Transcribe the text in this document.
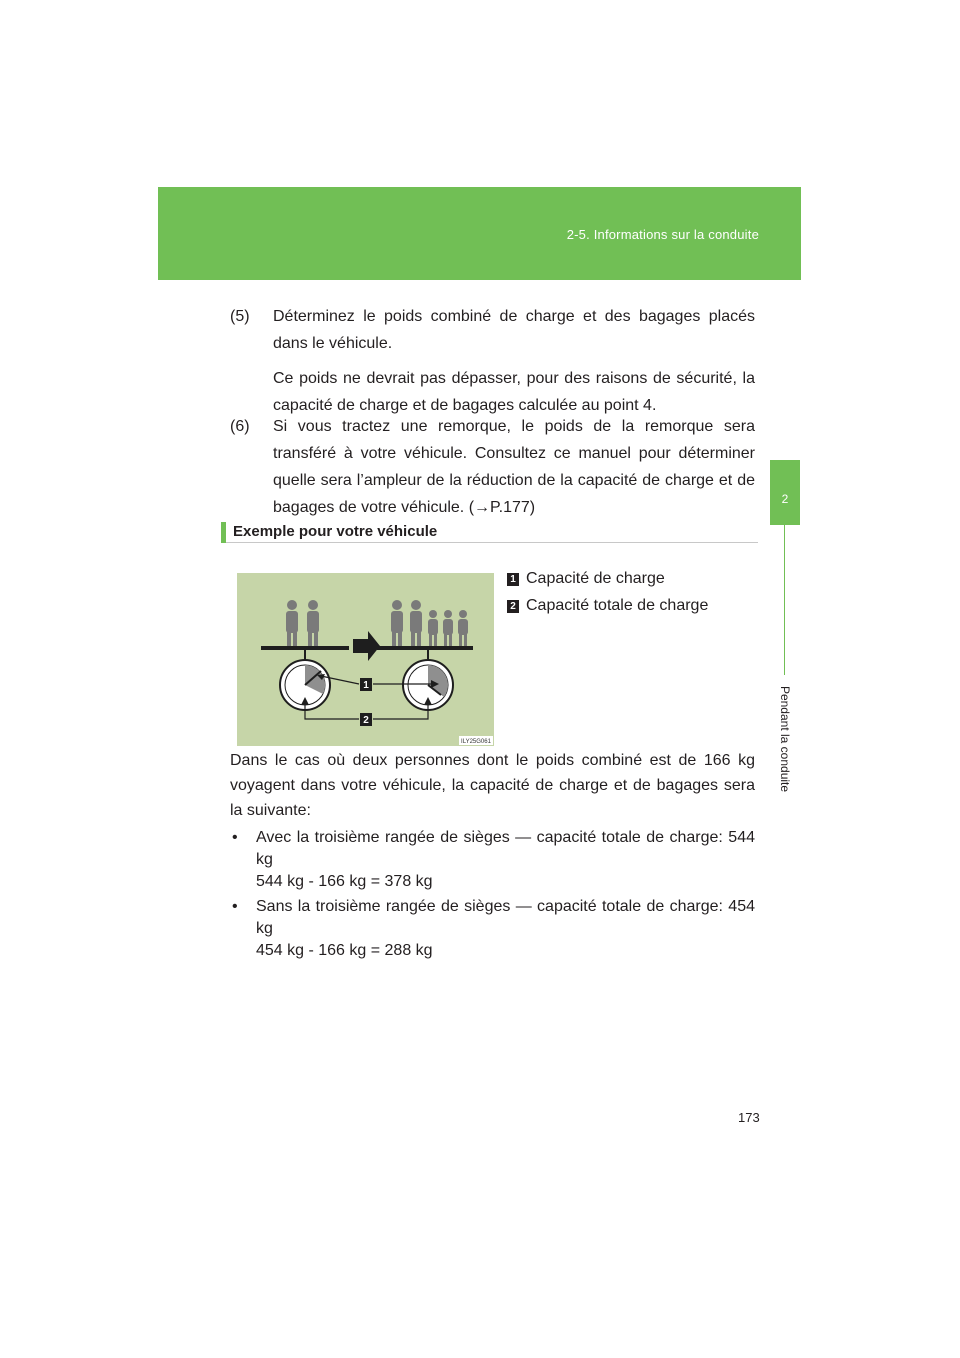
2-5. Informations sur la conduite
2
Pendant la conduite
(5) Déterminez le poids combiné de charge et des bagages placés dans le véhicule.

Ce poids ne devrait pas dépasser, pour des raisons de sécurité, la capacité de charge et de bagages calculée au point 4.

(6) Si vous tractez une remorque, le poids de la remorque sera transféré à votre véhicule. Consultez ce manuel pour déterminer quelle sera l’ampleur de la réduction de la capacité de charge et de bagages de votre véhicule. (→P.177)

Exemple pour votre véhicule
1
2
ILY25G061
1 Capacité de charge
2 Capacité totale de charge

Dans le cas où deux personnes dont le poids combiné est de 166 kg voyagent dans votre véhicule, la capacité de charge et de bagages sera la suivante:

• Avec la troisième rangée de sièges — capacité totale de charge: 544 kg
544 kg - 166 kg = 378 kg
• Sans la troisième rangée de sièges — capacité totale de charge: 454 kg
454 kg - 166 kg = 288 kg
173
